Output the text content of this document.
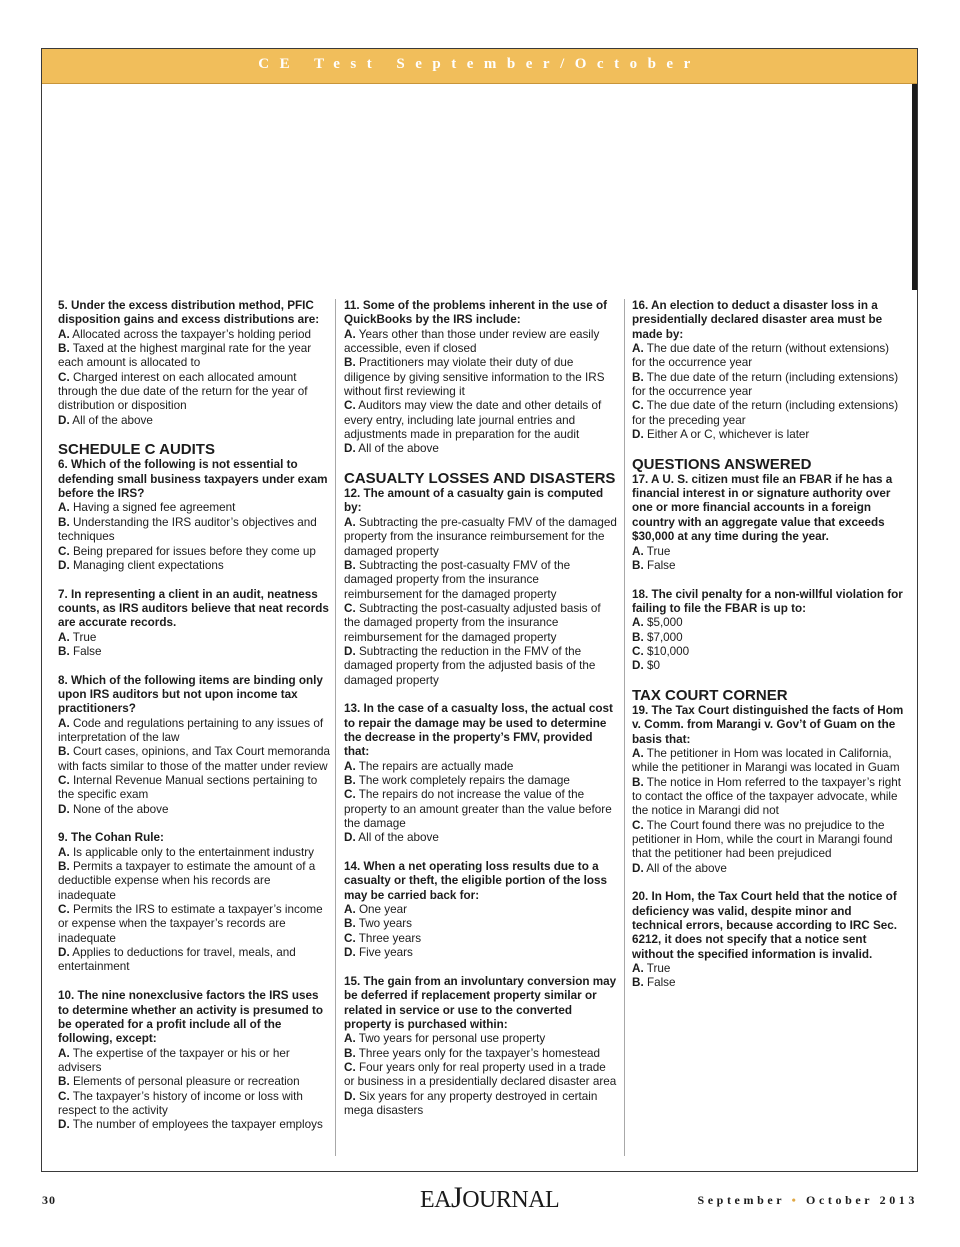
CE Test September/October
5. Under the excess distribution method, PFIC disposition gains and excess distributions are:
A. Allocated across the taxpayer’s holding period
B. Taxed at the highest marginal rate for the year each amount is allocated to
C. Charged interest on each allocated amount through the due date of the return for the year of distribution or disposition
D. All of the above
SCHEDULE C AUDITS
6. Which of the following is not essential to defending small business taxpayers under exam before the IRS?
A. Having a signed fee agreement
B. Understanding the IRS auditor’s objectives and techniques
C. Being prepared for issues before they come up
D. Managing client expectations
7. In representing a client in an audit, neatness counts, as IRS auditors believe that neat records are accurate records.
A. True
B. False
8. Which of the following items are binding only upon IRS auditors but not upon income tax practitioners?
A. Code and regulations pertaining to any issues of interpretation of the law
B. Court cases, opinions, and Tax Court memoranda with facts similar to those of the matter under review
C. Internal Revenue Manual sections pertaining to the specific exam
D. None of the above
9. The Cohan Rule:
A. Is applicable only to the entertainment industry
B. Permits a taxpayer to estimate the amount of a deductible expense when his records are inadequate
C. Permits the IRS to estimate a taxpayer’s income or expense when the taxpayer’s records are inadequate
D. Applies to deductions for travel, meals, and entertainment
10. The nine nonexclusive factors the IRS uses to determine whether an activity is presumed to be operated for a profit include all of the following, except:
A. The expertise of the taxpayer or his or her advisers
B. Elements of personal pleasure or recreation
C. The taxpayer’s history of income or loss with respect to the activity
D. The number of employees the taxpayer employs
11. Some of the problems inherent in the use of QuickBooks by the IRS include:
A. Years other than those under review are easily accessible, even if closed
B. Practitioners may violate their duty of due diligence by giving sensitive information to the IRS without first reviewing it
C. Auditors may view the date and other details of every entry, including late journal entries and adjustments made in preparation for the audit
D. All of the above
CASUALTY LOSSES AND DISASTERS
12. The amount of a casualty gain is computed by:
A. Subtracting the pre-casualty FMV of the damaged property from the insurance reimbursement for the damaged property
B. Subtracting the post-casualty FMV of the damaged property from the insurance reimbursement for the damaged property
C. Subtracting the post-casualty adjusted basis of the damaged property from the insurance reimbursement for the damaged property
D. Subtracting the reduction in the FMV of the damaged property from the adjusted basis of the damaged property
13. In the case of a casualty loss, the actual cost to repair the damage may be used to determine the decrease in the property’s FMV, provided that:
A. The repairs are actually made
B. The work completely repairs the damage
C. The repairs do not increase the value of the property to an amount greater than the value before the damage
D. All of the above
14. When a net operating loss results due to a casualty or theft, the eligible portion of the loss may be carried back for:
A. One year
B. Two years
C. Three years
D. Five years
15. The gain from an involuntary conversion may be deferred if replacement property similar or related in service or use to the converted property is purchased within:
A. Two years for personal use property
B. Three years only for the taxpayer’s homestead
C. Four years only for real property used in a trade or business in a presidentially declared disaster area
D. Six years for any property destroyed in certain mega disasters
16. An election to deduct a disaster loss in a presidentially declared disaster area must be made by:
A. The due date of the return (without extensions) for the occurrence year
B. The due date of the return (including extensions) for the occurrence year
C. The due date of the return (including extensions) for the preceding year
D. Either A or C, whichever is later
QUESTIONS ANSWERED
17. A U. S. citizen must file an FBAR if he has a financial interest in or signature authority over one or more financial accounts in a foreign country with an aggregate value that exceeds $30,000 at any time during the year.
A. True
B. False
18. The civil penalty for a non-willful violation for failing to file the FBAR is up to:
A. $5,000
B. $7,000
C. $10,000
D. $0
TAX COURT CORNER
19. The Tax Court distinguished the facts of Hom v. Comm. from Marangi v. Gov’t of Guam on the basis that:
A. The petitioner in Hom was located in California, while the petitioner in Marangi was located in Guam
B. The notice in Hom referred to the taxpayer’s right to contact the office of the taxpayer advocate, while the notice in Marangi did not
C. The Court found there was no prejudice to the petitioner in Hom, while the court in Marangi found that the petitioner had been prejudiced
D. All of the above
20. In Hom, the Tax Court held that the notice of deficiency was valid, despite minor and technical errors, because according to IRC Sec. 6212, it does not specify that a notice sent without the specified information is invalid.
A. True
B. False
30	EAJOURNAL	September • October 2013
